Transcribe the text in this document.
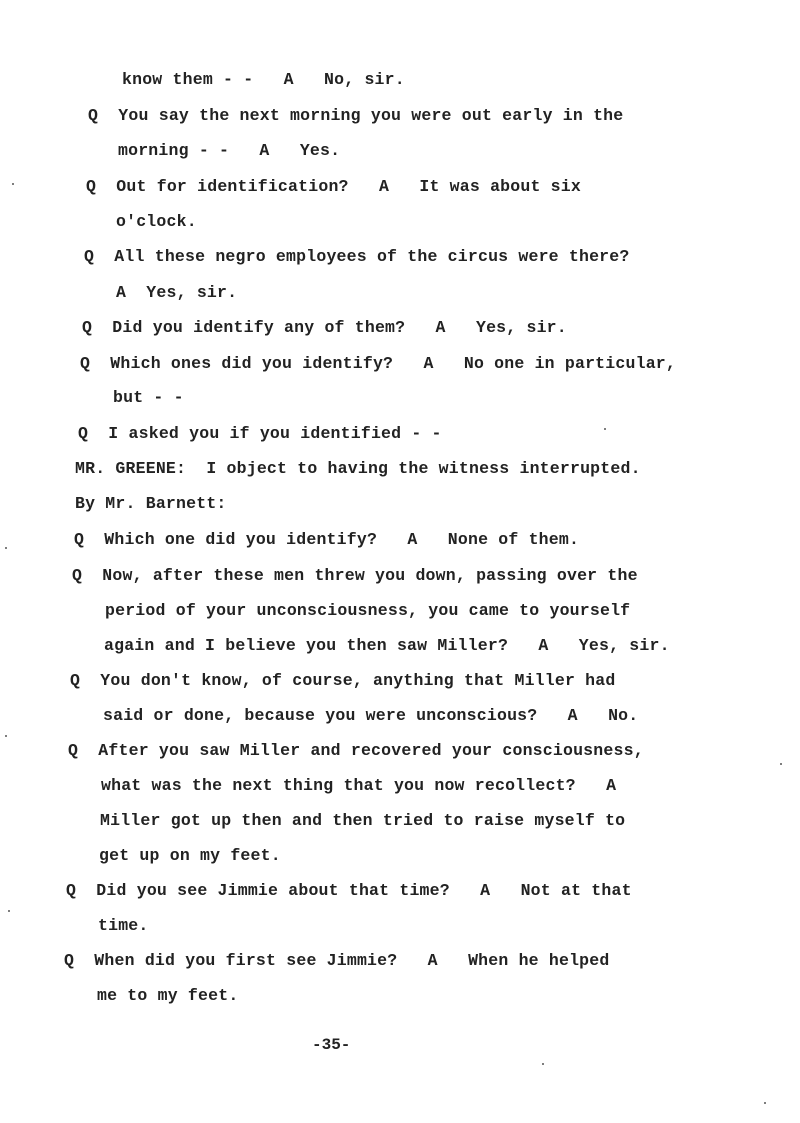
know them - -   A   No, sir.
Q  You say the next morning you were out early in the
morning - -   A   Yes.
Q  Out for identification?   A   It was about six
o'clock.
Q  All these negro employees of the circus were there?
A  Yes, sir.
Q  Did you identify any of them?   A   Yes, sir.
Q  Which ones did you identify?   A   No one in particular,
but - -
Q  I asked you if you identified - -
MR. GREENE:  I object to having the witness interrupted.
By Mr. Barnett:
Q  Which one did you identify?   A   None of them.
Q  Now, after these men threw you down, passing over the
period of your unconsciousness, you came to yourself
again and I believe you then saw Miller?   A   Yes, sir.
Q  You don't know, of course, anything that Miller had
said or done, because you were unconscious?   A   No.
Q  After you saw Miller and recovered your consciousness,
what was the next thing that you now recollect?   A
Miller got up then and then tried to raise myself to
get up on my feet.
Q  Did you see Jimmie about that time?   A   Not at that
time.
Q  When did you first see Jimmie?   A   When he helped
me to my feet.
-35-
